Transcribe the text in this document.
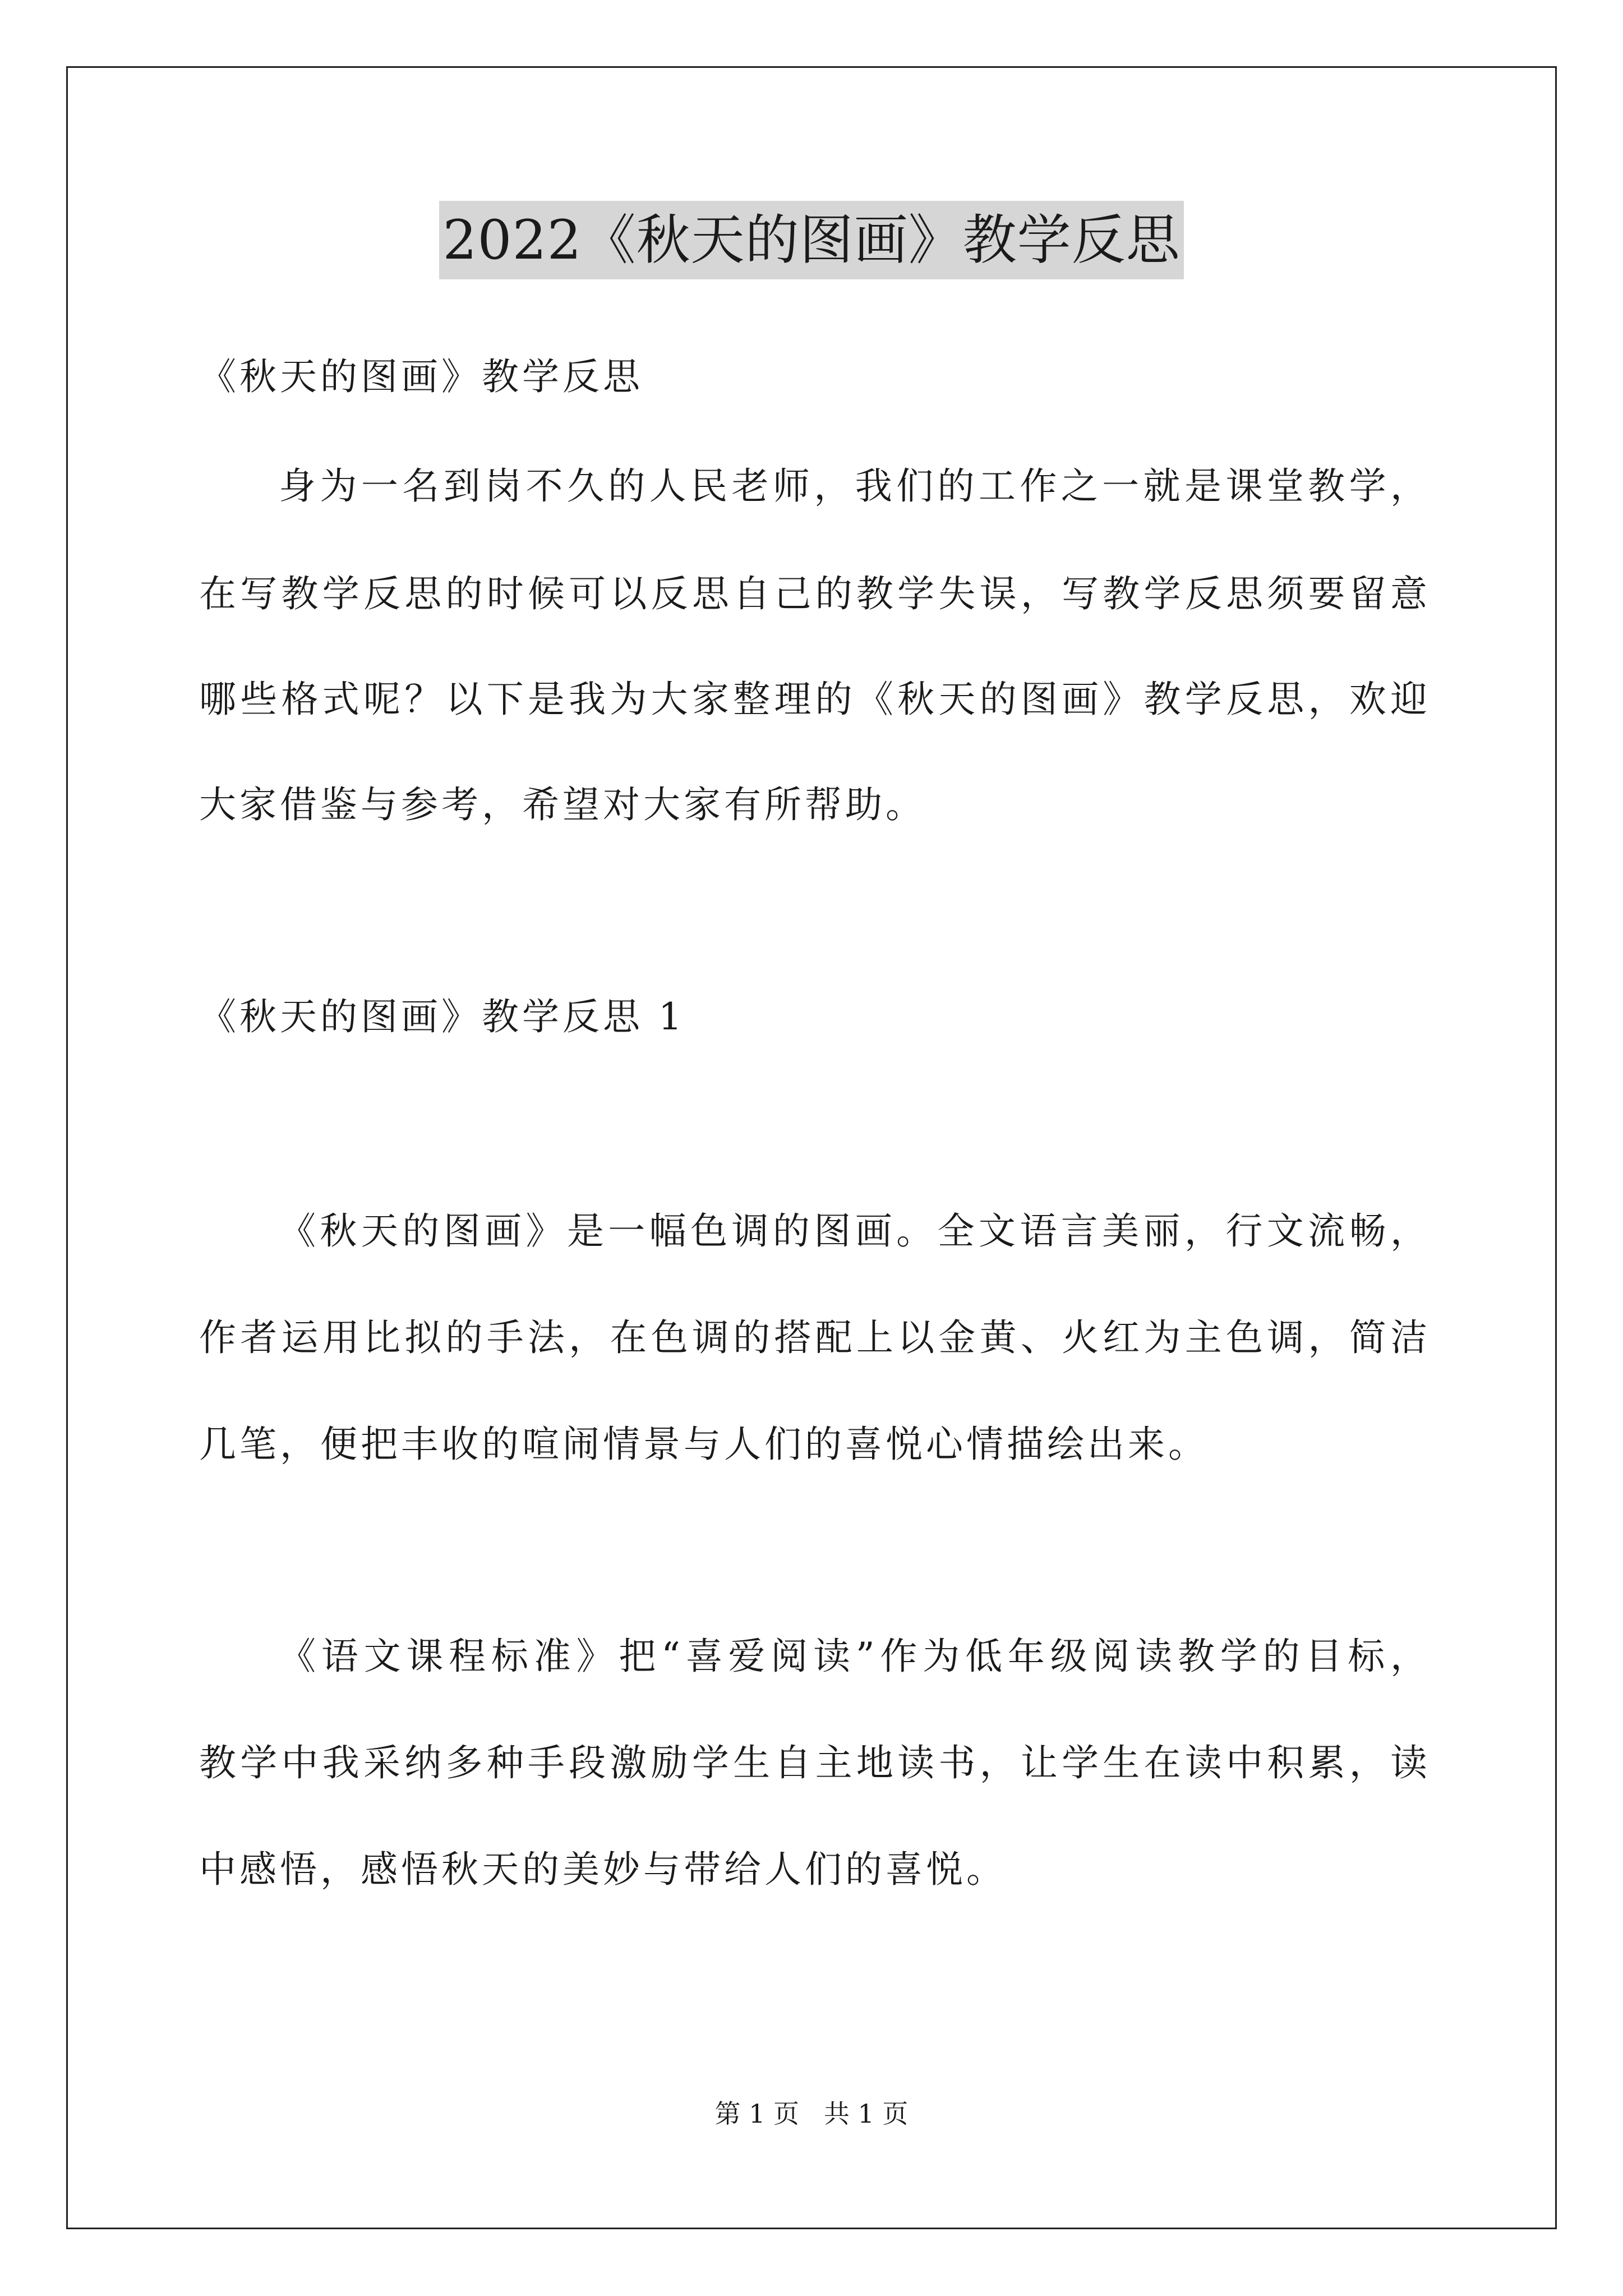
2022《秋天的图画》教学反思
《秋天的图画》教学反思
身为一名到岗不久的人民老师，我们的工作之一就是课堂教学，
在写教学反思的时候可以反思自己的教学失误，写教学反思须要留意
哪些格式呢？以下是我为大家整理的《秋天的图画》教学反思，欢迎
大家借鉴与参考，希望对大家有所帮助。
《秋天的图画》教学反思 1
《秋天的图画》是一幅色调的图画。全文语言美丽，行文流畅，
作者运用比拟的手法，在色调的搭配上以金黄、火红为主色调，简洁
几笔，便把丰收的喧闹情景与人们的喜悦心情描绘出来。
《语文课程标准》把“喜爱阅读”作为低年级阅读教学的目标，
教学中我采纳多种手段激励学生自主地读书，让学生在读中积累，读
中感悟，感悟秋天的美妙与带给人们的喜悦。
第 1 页   共 1 页
